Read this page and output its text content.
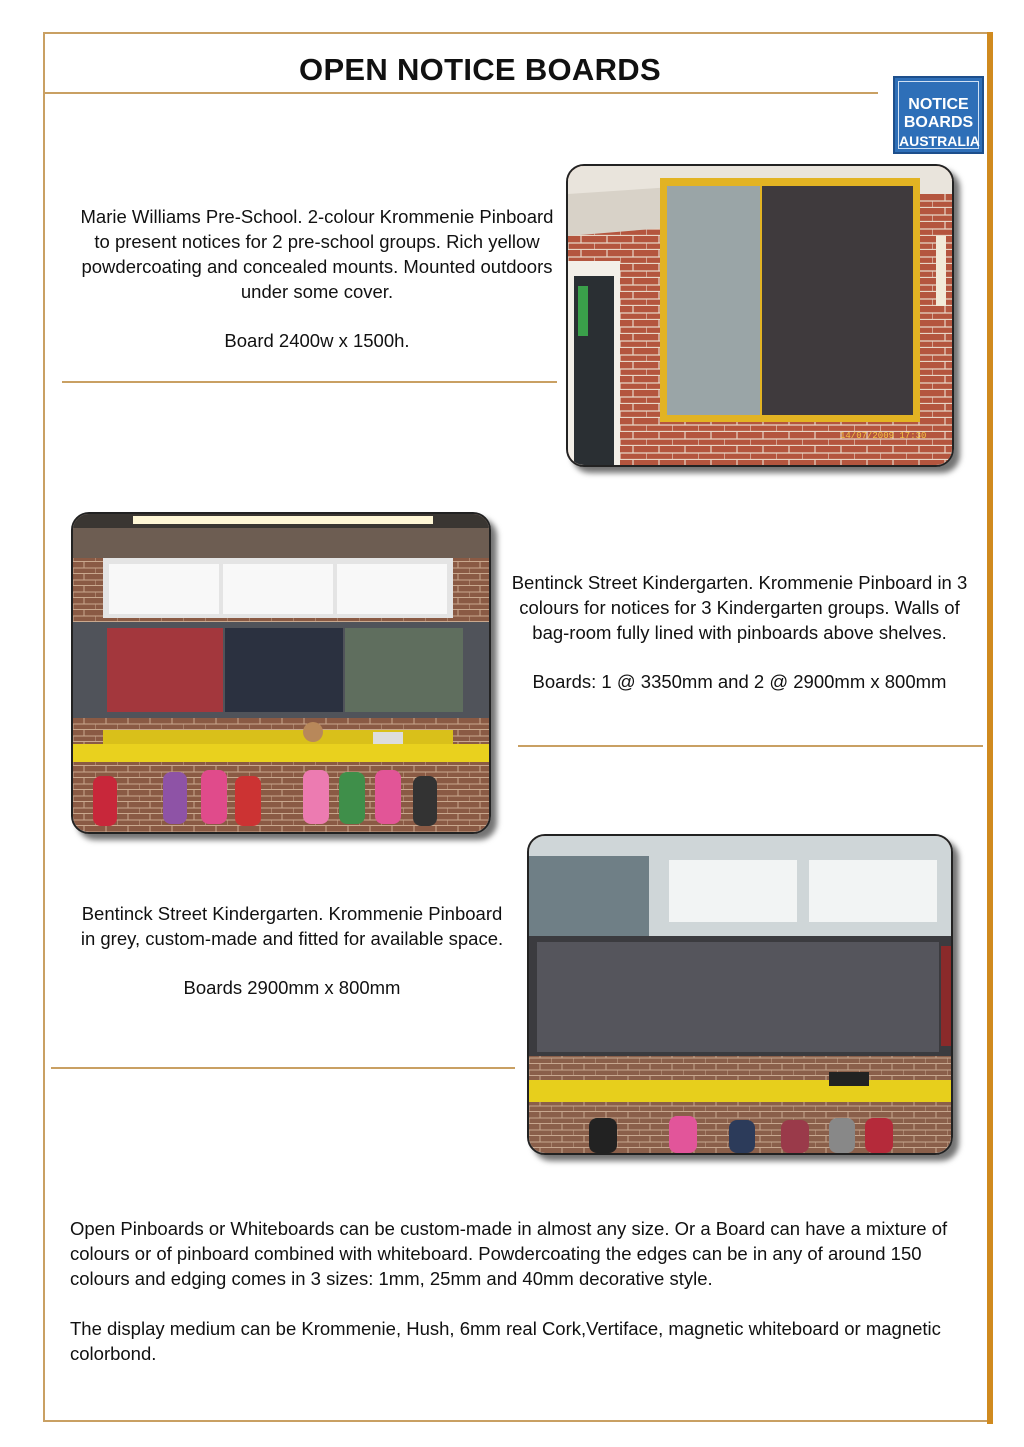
OPEN NOTICE BOARDS
NOTICE
BOARDS
AUSTRALIA

Marie Williams Pre-School. 2-colour Krommenie Pinboard to present notices for 2 pre-school groups. Rich yellow powdercoating and concealed mounts. Mounted outdoors under some cover.

Board 2400w x 1500h.

14/07/2009 17:30

Bentinck Street Kindergarten. Krommenie Pinboard in 3 colours for notices for 3 Kindergarten groups. Walls of bag-room fully lined with pinboards above shelves.

Boards: 1 @ 3350mm and 2 @ 2900mm x 800mm

Bentinck Street Kindergarten. Krommenie Pinboard in grey, custom-made and fitted for available space.

Boards 2900mm x 800mm

Open Pinboards or Whiteboards can be custom-made in almost any size. Or a Board can have a mixture of colours or of pinboard combined with whiteboard. Powdercoating the edges can be in any of around 150 colours and edging comes in 3 sizes: 1mm, 25mm and 40mm decorative style.

The display medium can be Krommenie, Hush, 6mm real Cork,Vertiface, magnetic whiteboard or magnetic colorbond.
